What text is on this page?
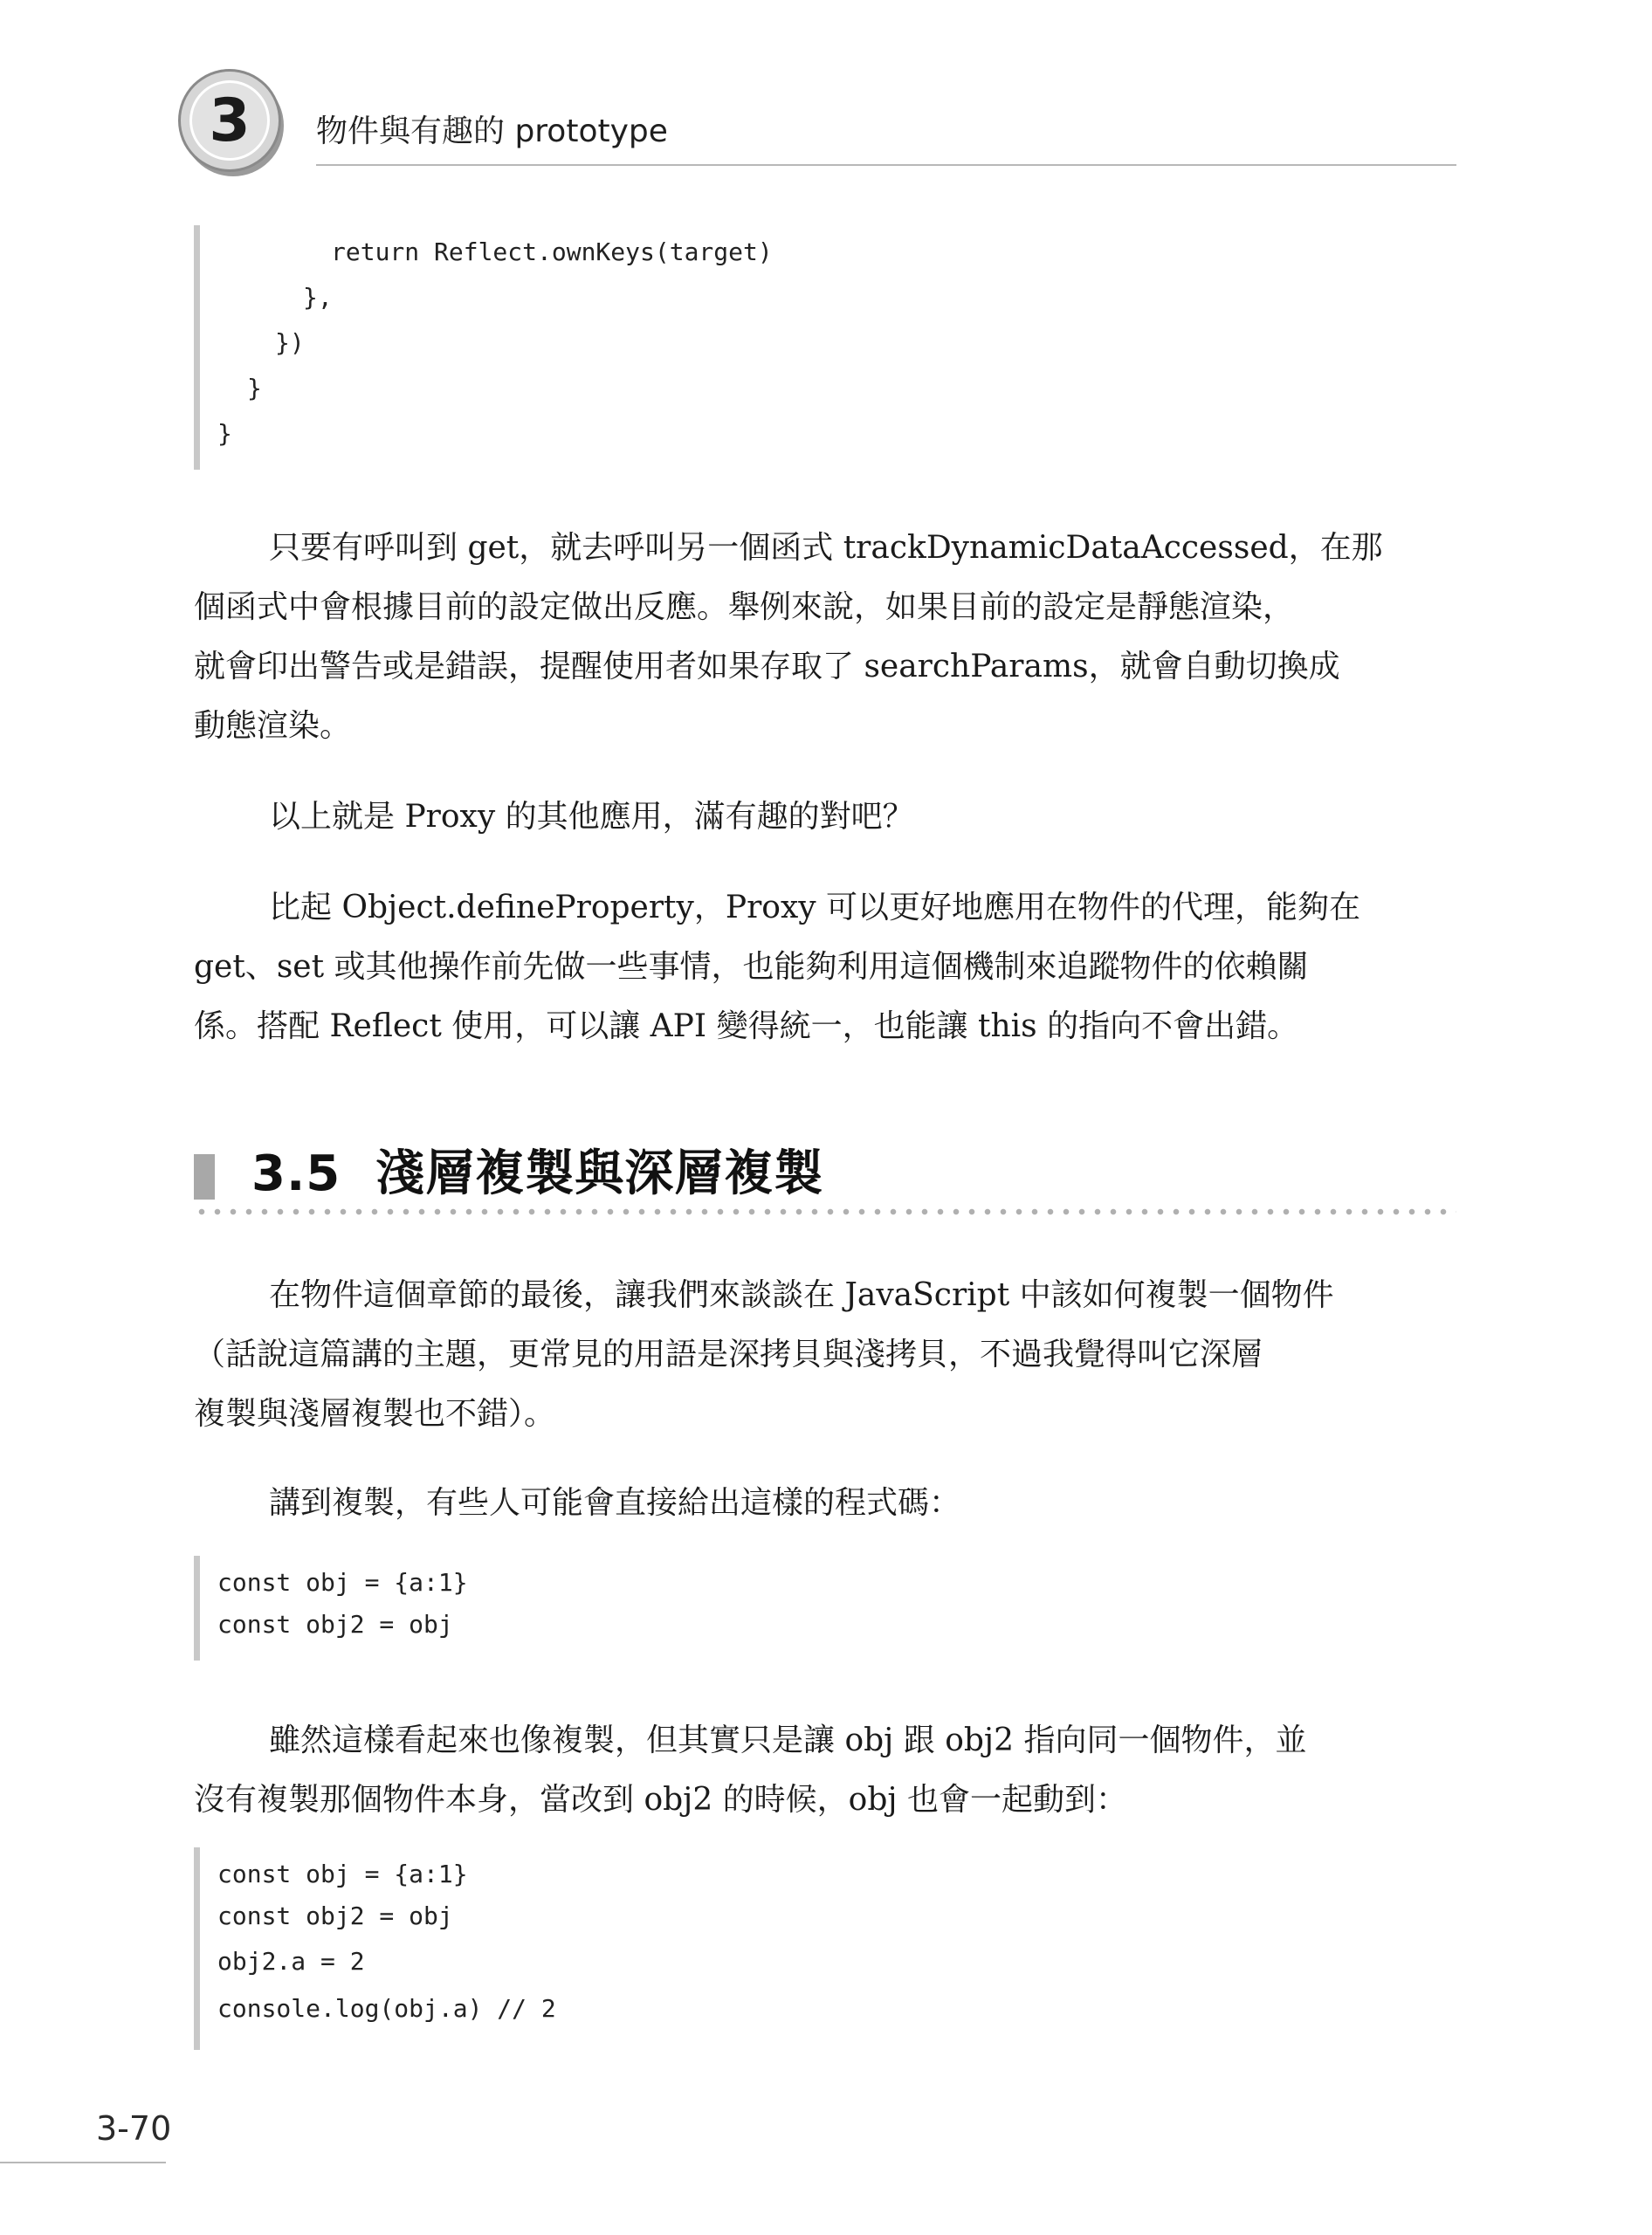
3	物件與有趣的 prototype
return Reflect.ownKeys(target)
},
})
}
}
只要有呼叫到 get，就去呼叫另一個函式 trackDynamicDataAccessed，在那
個函式中會根據目前的設定做出反應。舉例來說，如果目前的設定是靜態渲染，
就會印出警告或是錯誤，提醒使用者如果存取了 searchParams，就會自動切換成
動態渲染。
以上就是 Proxy 的其他應用，滿有趣的對吧？
比起 Object.defineProperty，Proxy 可以更好地應用在物件的代理，能夠在
get、set 或其他操作前先做一些事情，也能夠利用這個機制來追蹤物件的依賴關
係。搭配 Reflect 使用，可以讓 API 變得統一，也能讓 this 的指向不會出錯。
3.5 淺層複製與深層複製
在物件這個章節的最後，讓我們來談談在 JavaScript 中該如何複製一個物件
（話說這篇講的主題，更常見的用語是深拷貝與淺拷貝，不過我覺得叫它深層
複製與淺層複製也不錯）。
講到複製，有些人可能會直接給出這樣的程式碼：
const obj = {a:1}
const obj2 = obj
雖然這樣看起來也像複製，但其實只是讓 obj 跟 obj2 指向同一個物件，並
沒有複製那個物件本身，當改到 obj2 的時候，obj 也會一起動到：
const obj = {a:1}
const obj2 = obj
obj2.a = 2
console.log(obj.a) // 2
3-70
